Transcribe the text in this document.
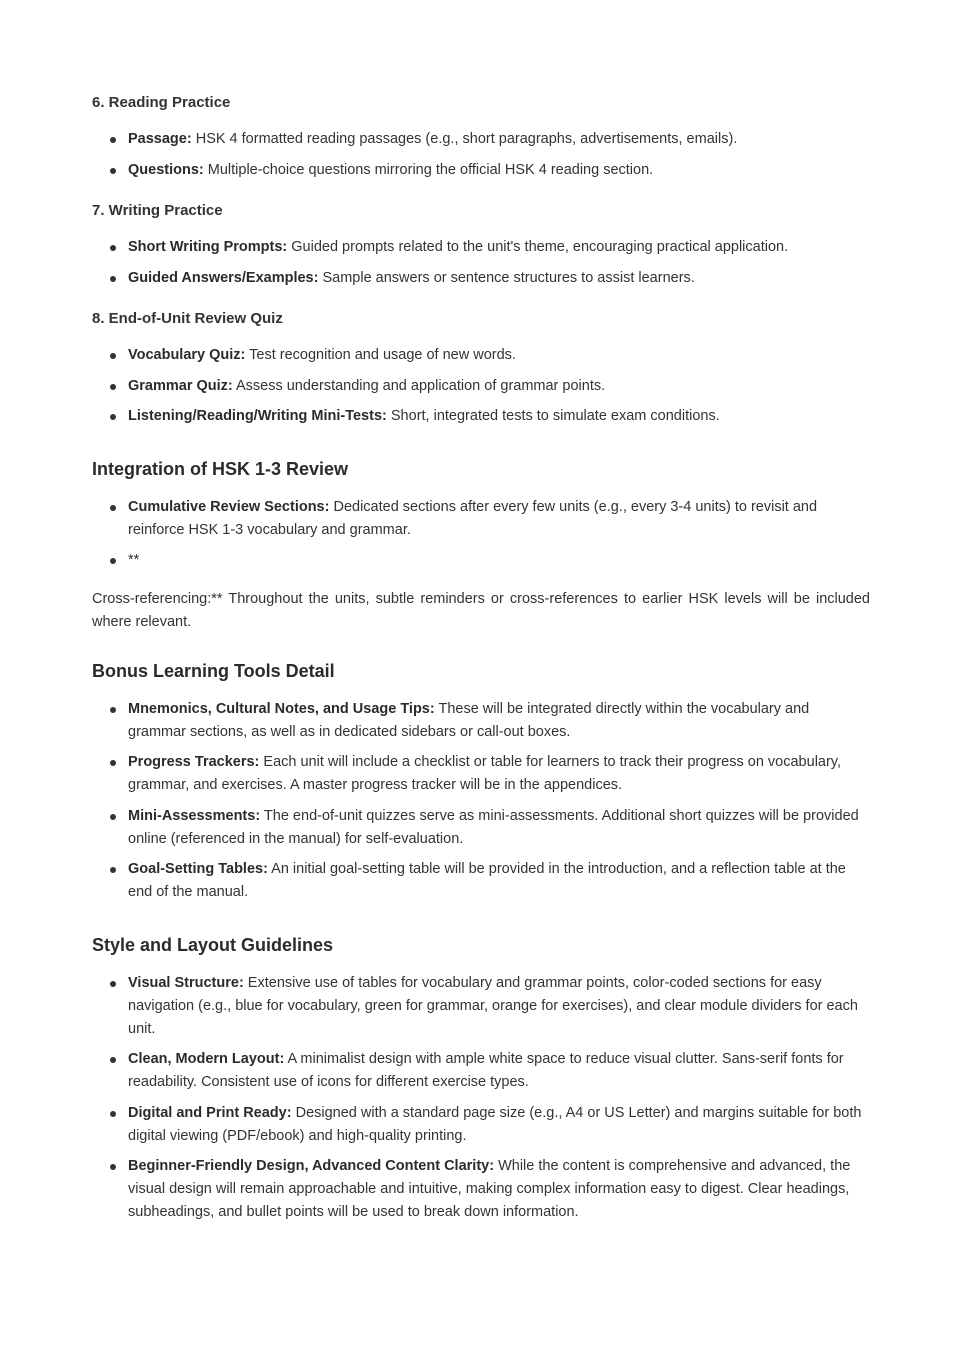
6. Reading Practice
Passage: HSK 4 formatted reading passages (e.g., short paragraphs, advertisements, emails).
Questions: Multiple-choice questions mirroring the official HSK 4 reading section.
7. Writing Practice
Short Writing Prompts: Guided prompts related to the unit's theme, encouraging practical application.
Guided Answers/Examples: Sample answers or sentence structures to assist learners.
8. End-of-Unit Review Quiz
Vocabulary Quiz: Test recognition and usage of new words.
Grammar Quiz: Assess understanding and application of grammar points.
Listening/Reading/Writing Mini-Tests: Short, integrated tests to simulate exam conditions.
Integration of HSK 1-3 Review
Cumulative Review Sections: Dedicated sections after every few units (e.g., every 3-4 units) to revisit and reinforce HSK 1-3 vocabulary and grammar.
**

Cross-referencing:** Throughout the units, subtle reminders or cross-references to earlier HSK levels will be included where relevant.

Bonus Learning Tools Detail
Mnemonics, Cultural Notes, and Usage Tips: These will be integrated directly within the vocabulary and grammar sections, as well as in dedicated sidebars or call-out boxes.
Progress Trackers: Each unit will include a checklist or table for learners to track their progress on vocabulary, grammar, and exercises. A master progress tracker will be in the appendices.
Mini-Assessments: The end-of-unit quizzes serve as mini-assessments. Additional short quizzes will be provided online (referenced in the manual) for self-evaluation.
Goal-Setting Tables: An initial goal-setting table will be provided in the introduction, and a reflection table at the end of the manual.
Style and Layout Guidelines
Visual Structure: Extensive use of tables for vocabulary and grammar points, color-coded sections for easy navigation (e.g., blue for vocabulary, green for grammar, orange for exercises), and clear module dividers for each unit.
Clean, Modern Layout: A minimalist design with ample white space to reduce visual clutter. Sans-serif fonts for readability. Consistent use of icons for different exercise types.
Digital and Print Ready: Designed with a standard page size (e.g., A4 or US Letter) and margins suitable for both digital viewing (PDF/ebook) and high-quality printing.
Beginner-Friendly Design, Advanced Content Clarity: While the content is comprehensive and advanced, the visual design will remain approachable and intuitive, making complex information easy to digest. Clear headings, subheadings, and bullet points will be used to break down information.
